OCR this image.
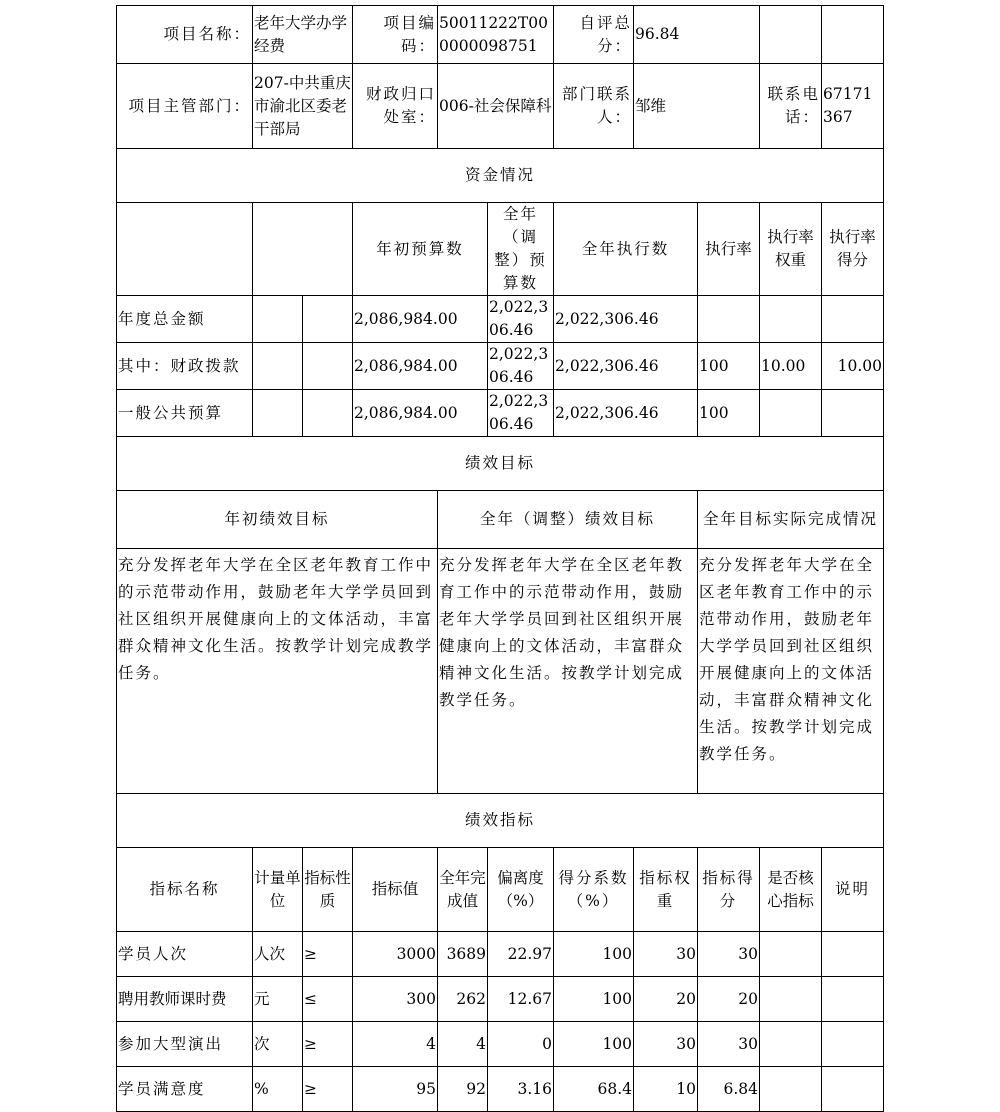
项目名称：	老年大学办学经费		项目编码：	50011222T000000098751		自评总分：	96.84			
项目主管部门：	207-中共重庆市渝北区委老干部局		财政归口处室：	006-社会保障科		部门联系人：	邹维		联系电话：	67171367
资金情况										
			年初预算数		全年（调整）预算数	全年执行数		执行率	执行率权重	执行率得分
年度总金额			2,086,984.00		2,022,306.46	2,022,306.46				
其中：财政拨款			2,086,984.00		2,022,306.46	2,022,306.46		100	10.00	10.00
一般公共预算			2,086,984.00		2,022,306.46	2,022,306.46		100		
绩效目标										
年初绩效目标				全年（调整）绩效目标				全年目标实际完成情况		
充分发挥老年大学在全区老年教育工作中的示范带动作用，鼓励老年大学学员回到社区组织开展健康向上的文体活动，丰富群众精神文化生活。按教学计划完成教学任务。				充分发挥老年大学在全区老年教育工作中的示范带动作用，鼓励老年大学学员回到社区组织开展健康向上的文体活动，丰富群众精神文化生活。按教学计划完成教学任务。				充分发挥老年大学在全区老年教育工作中的示范带动作用，鼓励老年大学学员回到社区组织开展健康向上的文体活动，丰富群众精神文化生活。按教学计划完成教学任务。		
绩效指标										
指标名称	计量单位	指标性质	指标值	全年完成值	偏离度（%）	得分系数（%）	指标权重	指标得分	是否核心指标	说明
学员人次	人次	≥	3000	3689	22.97	100	30	30		
聘用教师课时费	元	≤	300	262	12.67	100	20	20		
参加大型演出	次	≥	4	4	0	100	30	30		
学员满意度	%	≥	95	92	3.16	68.4	10	6.84		
